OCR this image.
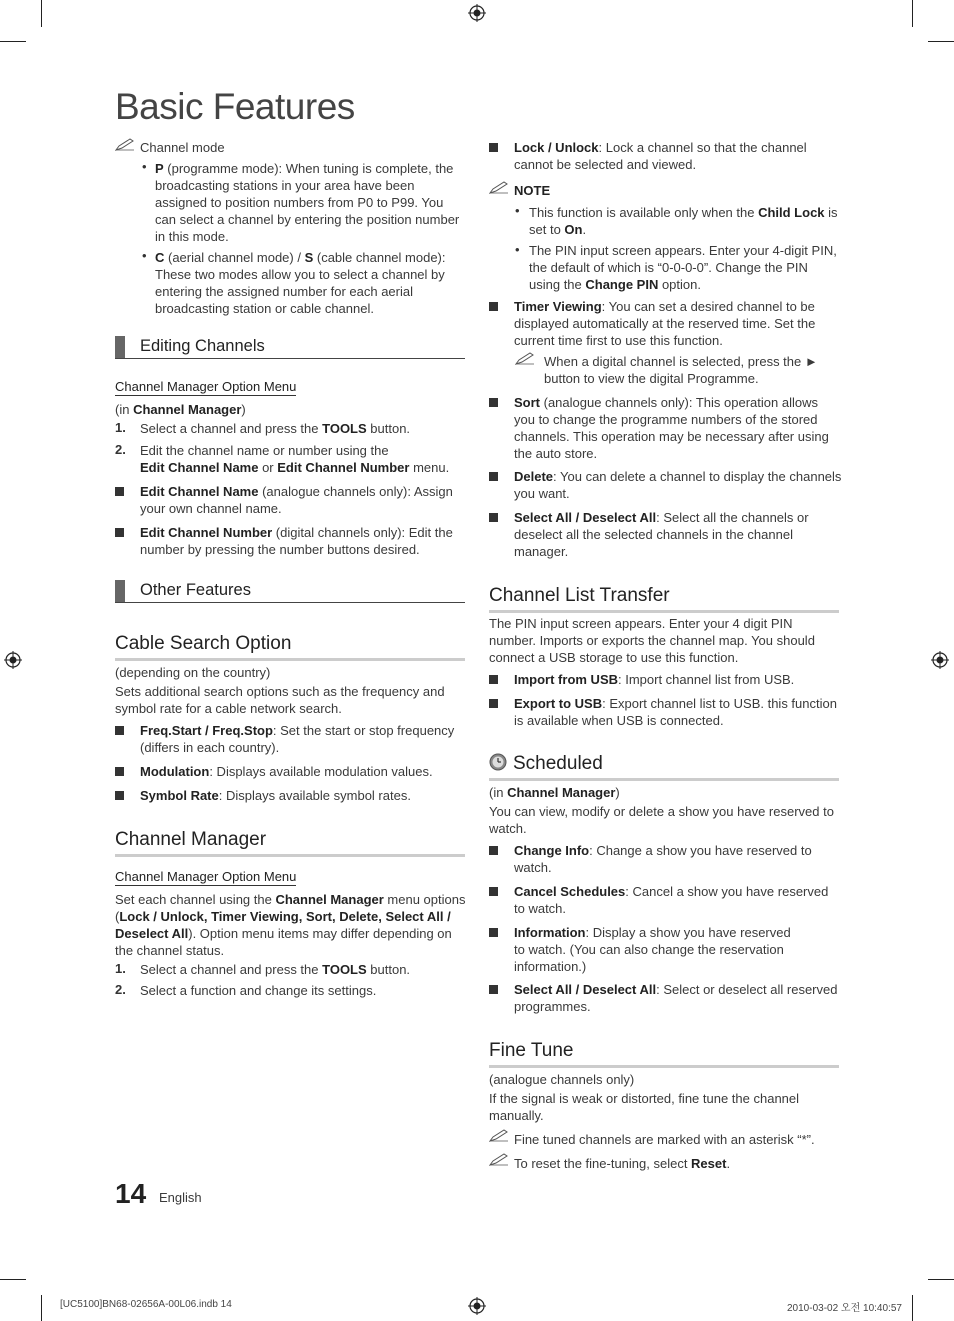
Basic Features
Channel mode
• P (programme mode): When tuning is complete, the broadcasting stations in your area have been assigned to position numbers from P0 to P99. You can select a channel by entering the position number in this mode.
• C (aerial channel mode) / S (cable channel mode): These two modes allow you to select a channel by entering the assigned number for each aerial broadcasting station or cable channel.
Editing Channels
Channel Manager Option Menu
(in Channel Manager)
1. Select a channel and press the TOOLS button.
2. Edit the channel name or number using the
Edit Channel Name or Edit Channel Number menu.
Edit Channel Name (analogue channels only): Assign your own channel name.
Edit Channel Number (digital channels only): Edit the number by pressing the number buttons desired.
Other Features
Cable Search Option
(depending on the country)
Sets additional search options such as the frequency and symbol rate for a cable network search.
Freq.Start / Freq.Stop: Set the start or stop frequency (differs in each country).
Modulation: Displays available modulation values.
Symbol Rate: Displays available symbol rates.
Channel Manager
Channel Manager Option Menu
Set each channel using the Channel Manager menu options (Lock / Unlock, Timer Viewing, Sort, Delete, Select All / Deselect All). Option menu items may differ depending on the channel status.
1. Select a channel and press the TOOLS button.
2. Select a function and change its settings.
Lock / Unlock: Lock a channel so that the channel cannot be selected and viewed.
NOTE
• This function is available only when the Child Lock is set to On.
• The PIN input screen appears. Enter your 4-digit PIN, the default of which is “0-0-0-0”. Change the PIN using the Change PIN option.
Timer Viewing: You can set a desired channel to be displayed automatically at the reserved time. Set the current time first to use this function.
When a digital channel is selected, press the ► button to view the digital Programme.
Sort (analogue channels only): This operation allows you to change the programme numbers of the stored channels. This operation may be necessary after using the auto store.
Delete: You can delete a channel to display the channels you want.
Select All / Deselect All: Select all the channels or deselect all the selected channels in the channel manager.
Channel List Transfer
The PIN input screen appears. Enter your 4 digit PIN number. Imports or exports the channel map. You should connect a USB storage to use this function.
Import from USB: Import channel list from USB.
Export to USB: Export channel list to USB. this function is available when USB is connected.
Scheduled
(in Channel Manager)
You can view, modify or delete a show you have reserved to watch.
Change Info: Change a show you have reserved to watch.
Cancel Schedules: Cancel a show you have reserved to watch.
Information: Display a show you have reserved to watch. (You can also change the reservation information.)
Select All / Deselect All: Select or deselect all reserved programmes.
Fine Tune
(analogue channels only)
If the signal is weak or distorted, fine tune the channel manually.
Fine tuned channels are marked with an asterisk “*”.
To reset the fine-tuning, select Reset.
14 English
[UC5100]BN68-02656A-00L06.indb 14	2010-03-02 오전 10:40:57
